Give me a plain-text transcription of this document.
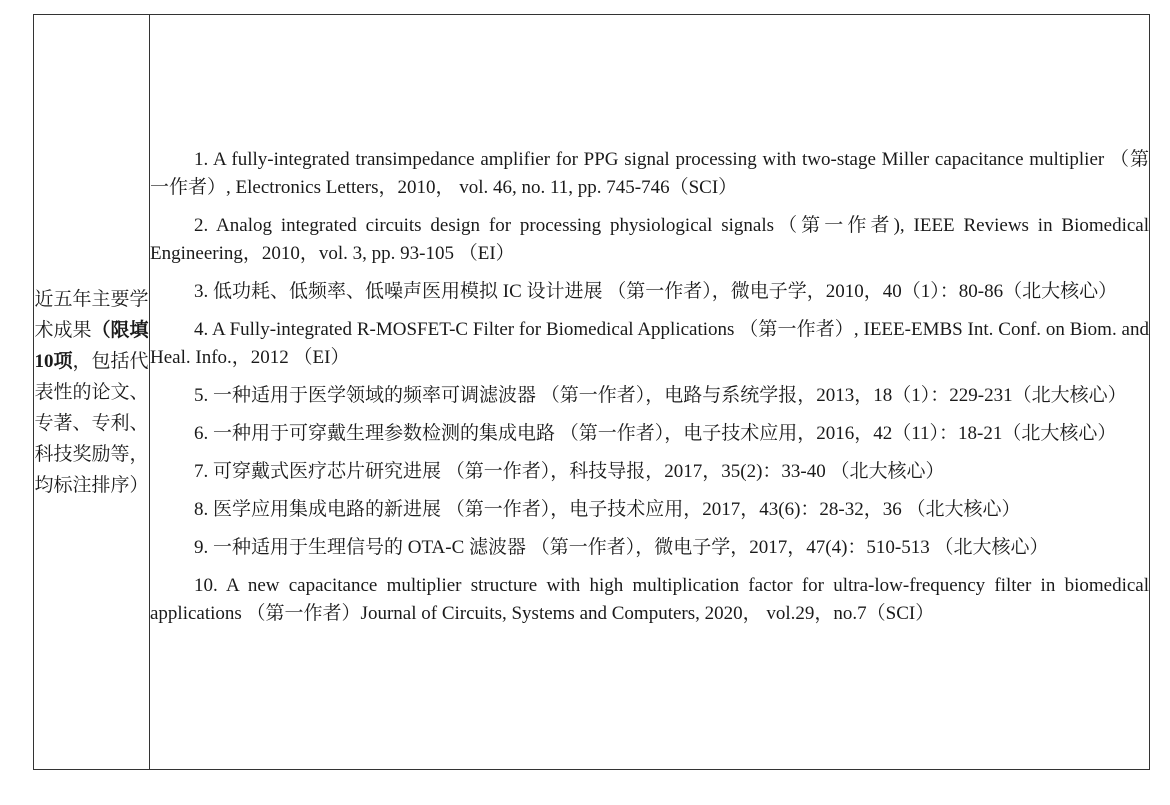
近五年主要学术成果（限填10项，包括代表性的论文、专著、专利、科技奖励等，均标注排序）	

1. A fully-integrated transimpedance amplifier for PPG signal processing with two-stage Miller capacitance multiplier （第一作者）, Electronics Letters，2010， vol. 46, no. 11, pp. 745-746（SCI）

2. Analog integrated circuits design for processing physiological signals（第一作者), IEEE Reviews in Biomedical Engineering，2010，vol. 3, pp. 93-105 （EI）

3. 低功耗、低频率、低噪声医用模拟 IC 设计进展 （第一作者），微电子学，2010，40（1）：80-86（北大核心）

4. A Fully-integrated R-MOSFET-C Filter for Biomedical Applications （第一作者）, IEEE-EMBS Int. Conf. on Biom. and Heal. Info.，2012 （EI）

5. 一种适用于医学领域的频率可调滤波器 （第一作者），电路与系统学报，2013，18（1）：229-231（北大核心）

6. 一种用于可穿戴生理参数检测的集成电路 （第一作者），电子技术应用，2016，42（11）：18-21（北大核心）

7. 可穿戴式医疗芯片研究进展 （第一作者），科技导报，2017，35(2)：33-40 （北大核心）

8. 医学应用集成电路的新进展 （第一作者），电子技术应用，2017，43(6)：28-32，36 （北大核心）

9. 一种适用于生理信号的 OTA-C 滤波器 （第一作者），微电子学，2017，47(4)：510-513 （北大核心）

10. A new capacitance multiplier structure with high multiplication factor for ultra-low-frequency filter in biomedical applications （第一作者）Journal of Circuits, Systems and Computers, 2020， vol.29，no.7（SCI）
